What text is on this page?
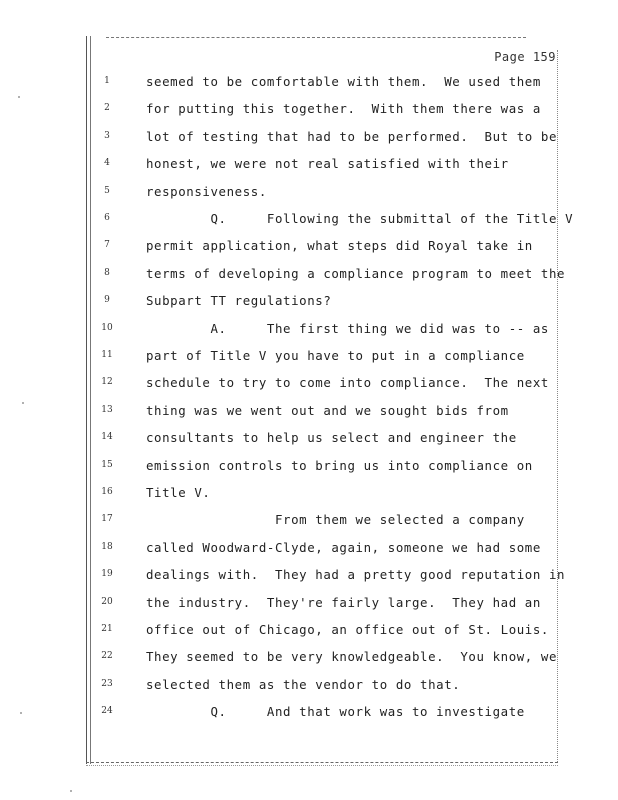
Page 159
1	seemed to be comfortable with them.  We used them
2	for putting this together.  With them there was a
3	lot of testing that had to be performed.  But to be
4	honest, we were not real satisfied with their
5	responsiveness.
6	Q.     Following the submittal of the Title V
7	permit application, what steps did Royal take in
8	terms of developing a compliance program to meet the
9	Subpart TT regulations?
10	A.     The first thing we did was to -- as
11	part of Title V you have to put in a compliance
12	schedule to try to come into compliance.  The next
13	thing was we went out and we sought bids from
14	consultants to help us select and engineer the
15	emission controls to bring us into compliance on
16	Title V.
17	From them we selected a company
18	called Woodward-Clyde, again, someone we had some
19	dealings with.  They had a pretty good reputation in
20	the industry.  They're fairly large.  They had an
21	office out of Chicago, an office out of St. Louis.
22	They seemed to be very knowledgeable.  You know, we
23	selected them as the vendor to do that.
24	Q.     And that work was to investigate
